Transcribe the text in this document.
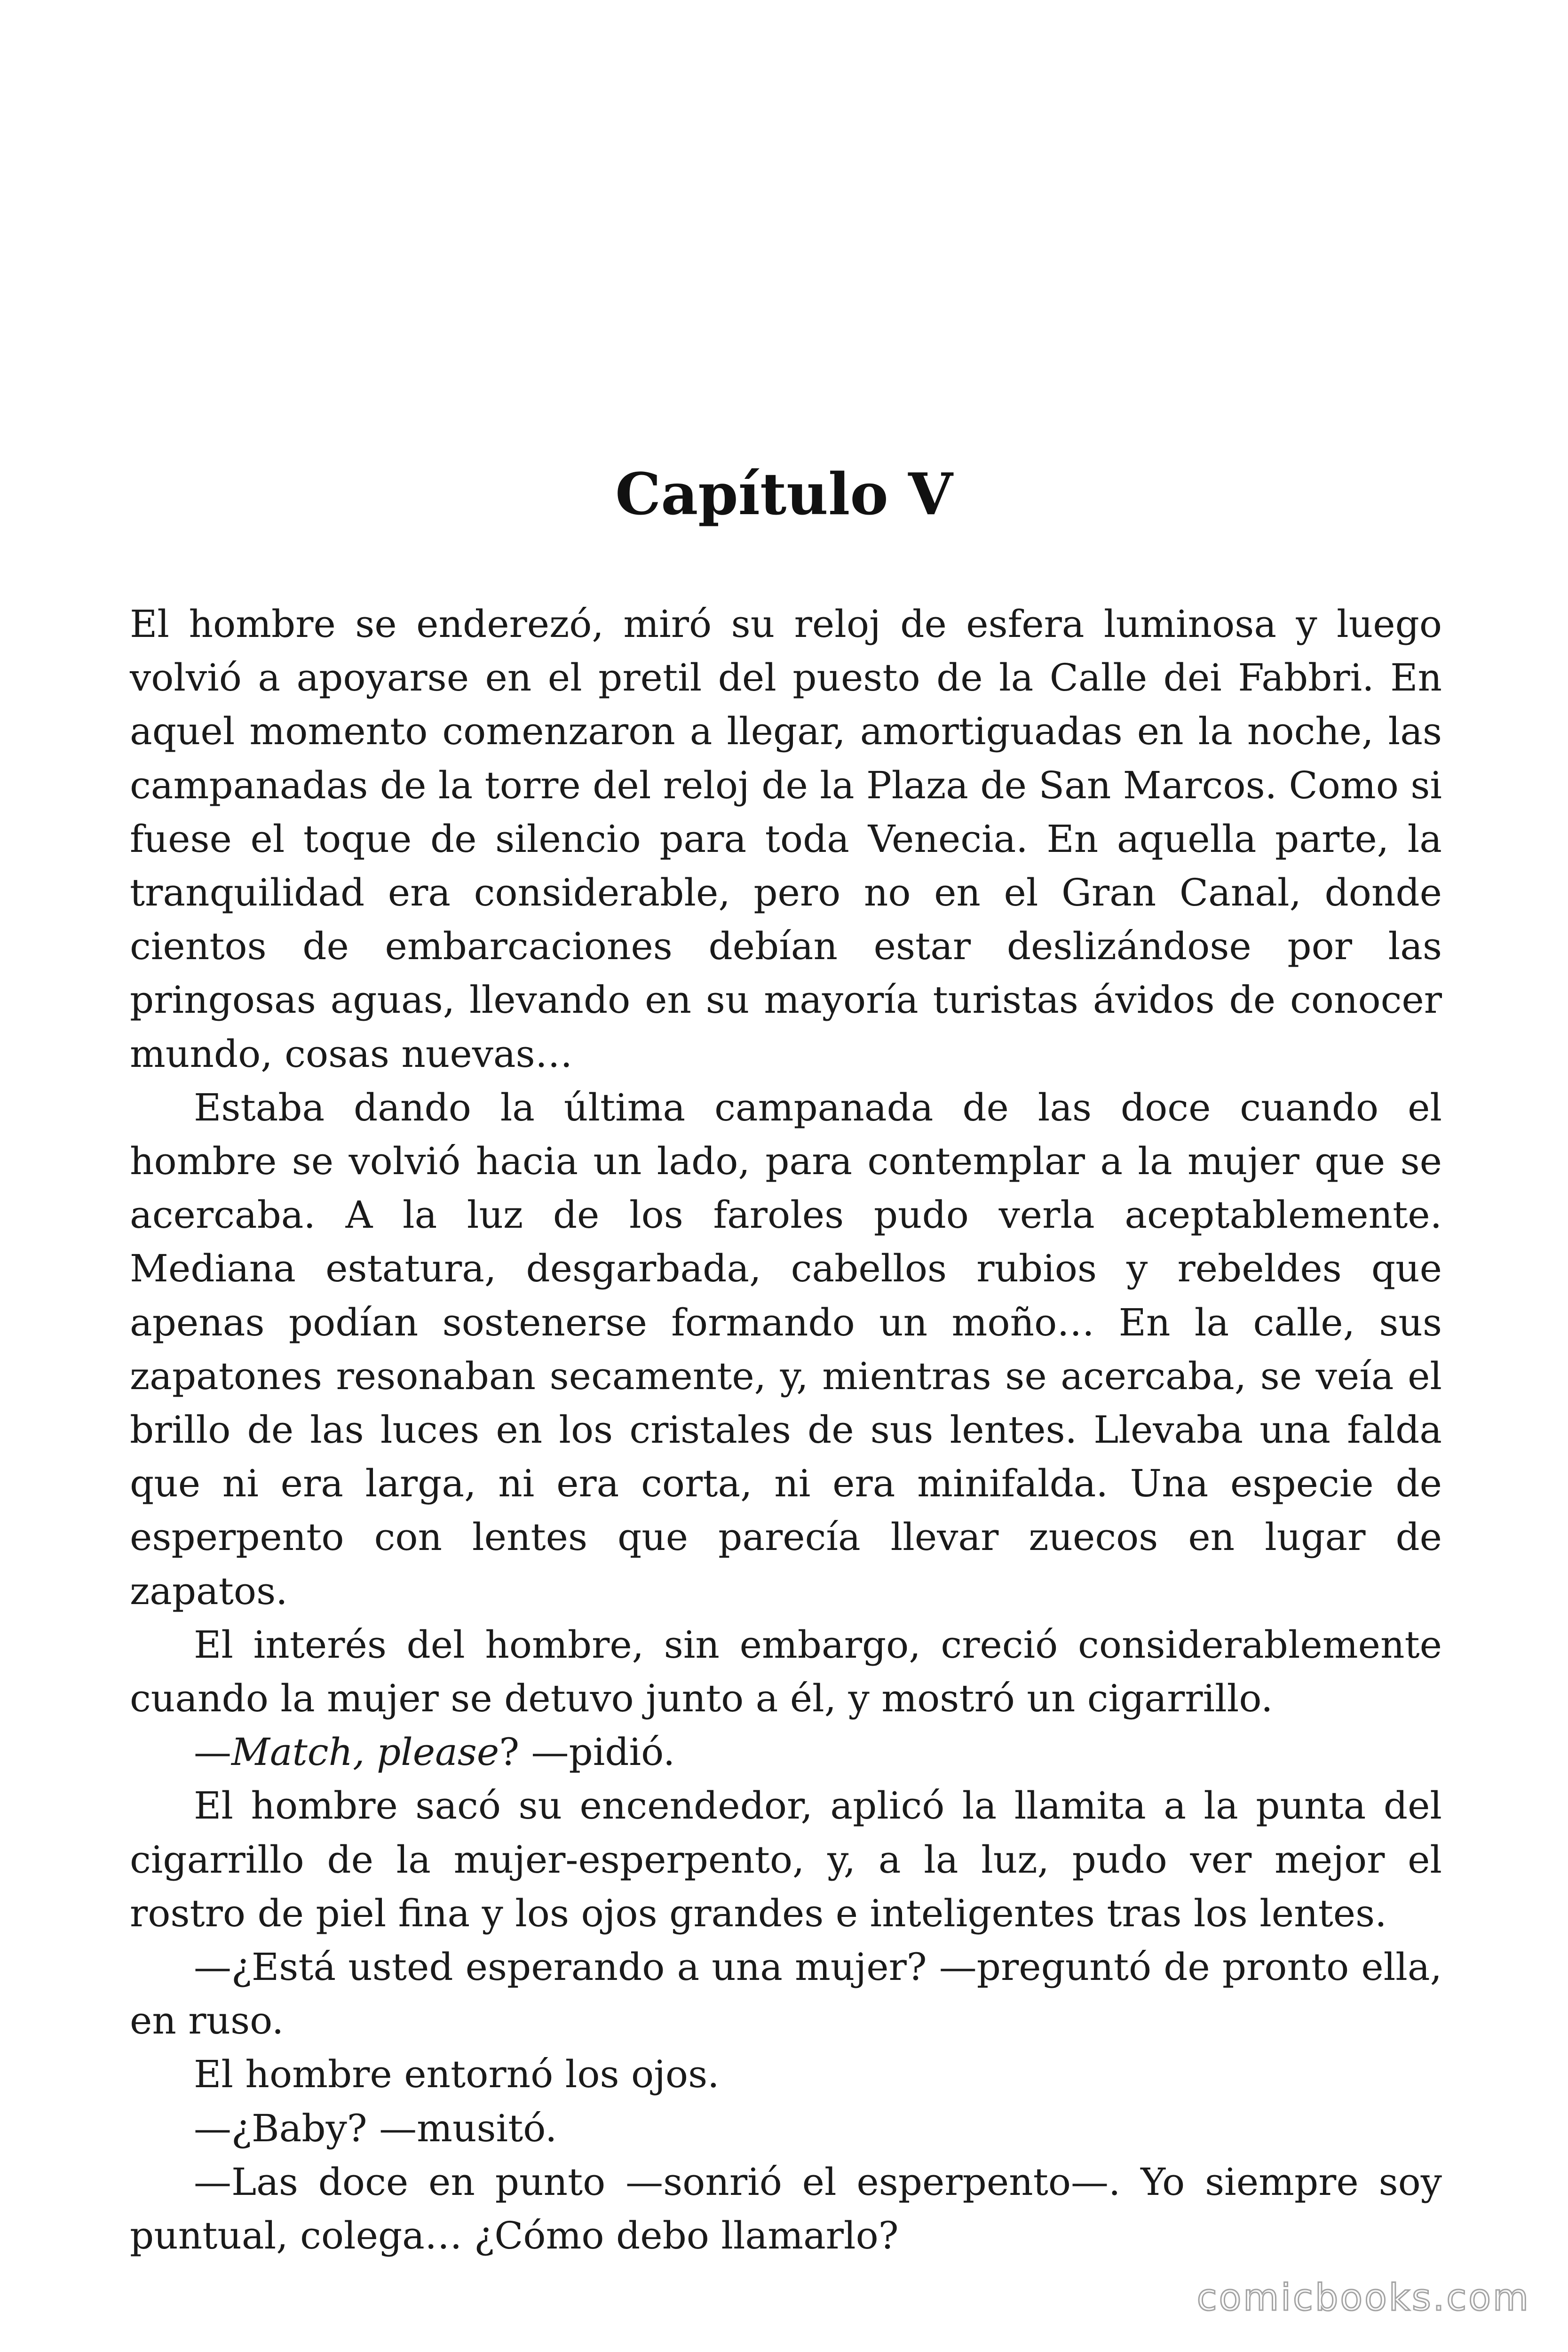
Capítulo V

El hombre se enderezó, miró su reloj de esfera luminosa y luego volvió a apoyarse en el pretil del puesto de la Calle dei Fabbri. En aquel momento comenzaron a llegar, amortiguadas en la noche, las campanadas de la torre del reloj de la Plaza de San Marcos. Como si fuese el toque de silencio para toda Venecia. En aquella parte, la tranquilidad era considerable, pero no en el Gran Canal, donde cientos de embarcaciones debían estar deslizándose por las pringosas aguas, llevando en su mayoría turistas ávidos de conocer mundo, cosas nuevas…

Estaba dando la última campanada de las doce cuando el hombre se volvió hacia un lado, para contemplar a la mujer que se acercaba. A la luz de los faroles pudo verla aceptablemente. Mediana estatura, desgarbada, cabellos rubios y rebeldes que apenas podían sostenerse formando un moño… En la calle, sus zapatones resonaban secamente, y, mientras se acercaba, se veía el brillo de las luces en los cristales de sus lentes. Llevaba una falda que ni era larga, ni era corta, ni era minifalda. Una especie de esperpento con lentes que parecía llevar zuecos en lugar de zapatos.

El interés del hombre, sin embargo, creció considerablemente cuando la mujer se detuvo junto a él, y mostró un cigarrillo.

—Match, please? —pidió.

El hombre sacó su encendedor, aplicó la llamita a la punta del cigarrillo de la mujer-esperpento, y, a la luz, pudo ver mejor el rostro de piel fina y los ojos grandes e inteligentes tras los lentes.

—¿Está usted esperando a una mujer? —preguntó de pronto ella, en ruso.

El hombre entornó los ojos.

—¿Baby? —musitó.

—Las doce en punto —sonrió el esperpento—. Yo siempre soy puntual, colega… ¿Cómo debo llamarlo?

comicbooks.com
